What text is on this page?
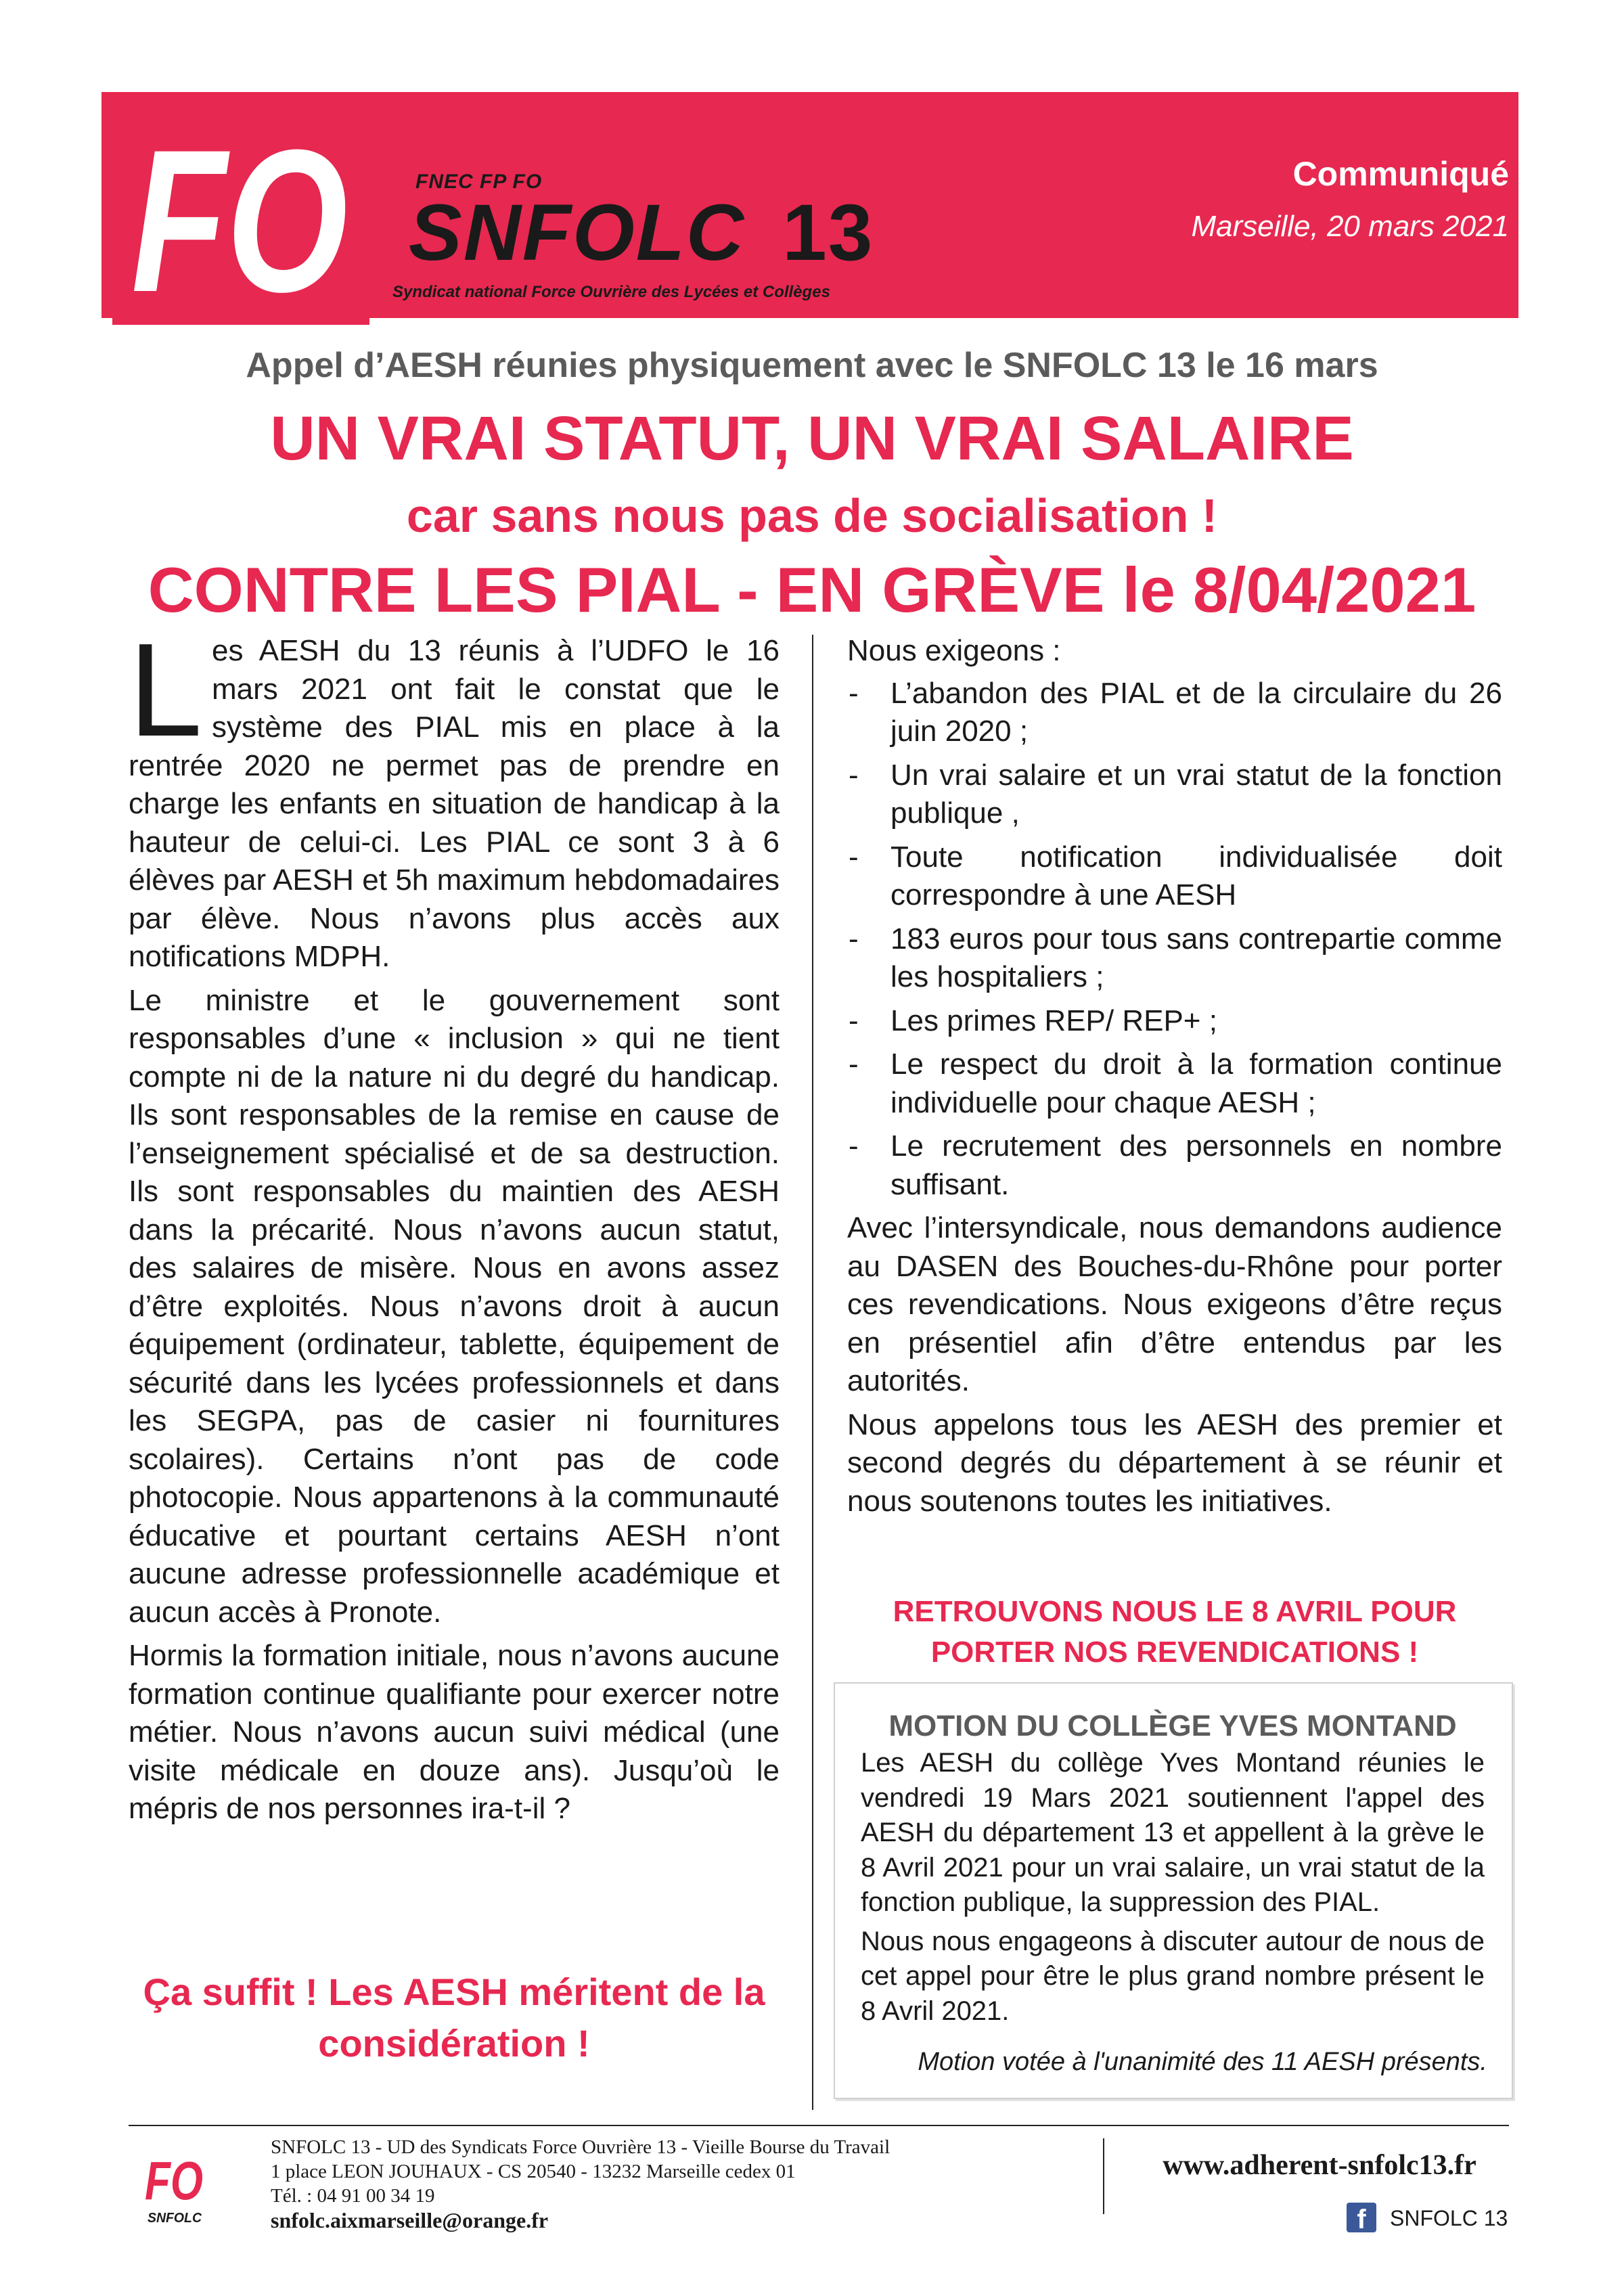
FO	FNEC FP FO
SNFOLC 13
Syndicat national Force Ouvrière des Lycées et Collèges
Communiqué
Marseille, 20 mars 2021
Appel d’AESH réunies physiquement avec le SNFOLC 13 le 16 mars
UN VRAI STATUT, UN VRAI SALAIRE
car sans nous pas de socialisation !
CONTRE LES PIAL - EN GRÈVE le 8/04/2021

Les AESH du 13 réunis à l’UDFO le 16 mars 2021 ont fait le constat que le système des PIAL mis en place à la rentrée 2020 ne permet pas de prendre en charge les enfants en situation de handicap à la hauteur de celui-ci. Les PIAL ce sont 3 à 6 élèves par AESH et 5h maximum hebdomadaires par élève. Nous n’avons plus accès aux notifications MDPH.

Le ministre et le gouvernement sont responsables d’une « inclusion » qui ne tient compte ni de la nature ni du degré du handicap. Ils sont responsables de la remise en cause de l’enseignement spécialisé et de sa destruction. Ils sont responsables du maintien des AESH dans la précarité. Nous n’avons aucun statut, des salaires de misère. Nous en avons assez d’être exploités. Nous n’avons droit à aucun équipement (ordinateur, tablette, équipement de sécurité dans les lycées professionnels et dans les SEGPA, pas de casier ni fournitures scolaires). Certains n’ont pas de code photocopie. Nous appartenons à la communauté éducative et pourtant certains AESH n’ont aucune adresse professionnelle académique et aucun accès à Pronote.

Hormis la formation initiale, nous n’avons aucune formation continue qualifiante pour exercer notre métier. Nous n’avons aucun suivi médical (une visite médicale en douze ans). Jusqu’où le mépris de nos personnes ira-t-il ?

Ça suffit ! Les AESH méritent de la considération !

Nous exigeons :

- L’abandon des PIAL et de la circulaire du 26 juin 2020 ;
- Un vrai salaire et un vrai statut de la fonction publique ,
- Toute notification individualisée doit correspondre à une AESH
- 183 euros pour tous sans contrepartie comme les hospitaliers ;
- Les primes REP/ REP+ ;
- Le respect du droit à la formation continue individuelle pour chaque AESH ;
- Le recrutement des personnels en nombre suffisant.

Avec l’intersyndicale, nous demandons audience au DASEN des Bouches-du-Rhône pour porter ces revendications. Nous exigeons d’être reçus en présentiel afin d’être entendus par les autorités.

Nous appelons tous les AESH des premier et second degrés du département à se réunir et nous soutenons toutes les initiatives.

RETROUVONS NOUS LE 8 AVRIL POUR PORTER NOS REVENDICATIONS !
MOTION DU COLLÈGE YVES MONTAND

Les AESH du collège Yves Montand réunies le vendredi 19 Mars 2021 soutiennent l'appel des AESH du département 13 et appellent à la grève le 8 Avril 2021 pour un vrai salaire, un vrai statut de la fonction publique, la suppression des PIAL.

Nous nous engageons à discuter autour de nous de cet appel pour être le plus grand nombre présent le 8 Avril 2021.

Motion votée à l'unanimité des 11 AESH présents.
FO
SNFOLC
SNFOLC 13 - UD des Syndicats Force Ouvrière 13 - Vieille Bourse du Travail
1 place LEON JOUHAUX - CS 20540 - 13232 Marseille cedex 01
Tél. : 04 91 00 34 19
snfolc.aixmarseille@orange.fr
www.adherent-snfolc13.fr
f	SNFOLC 13
